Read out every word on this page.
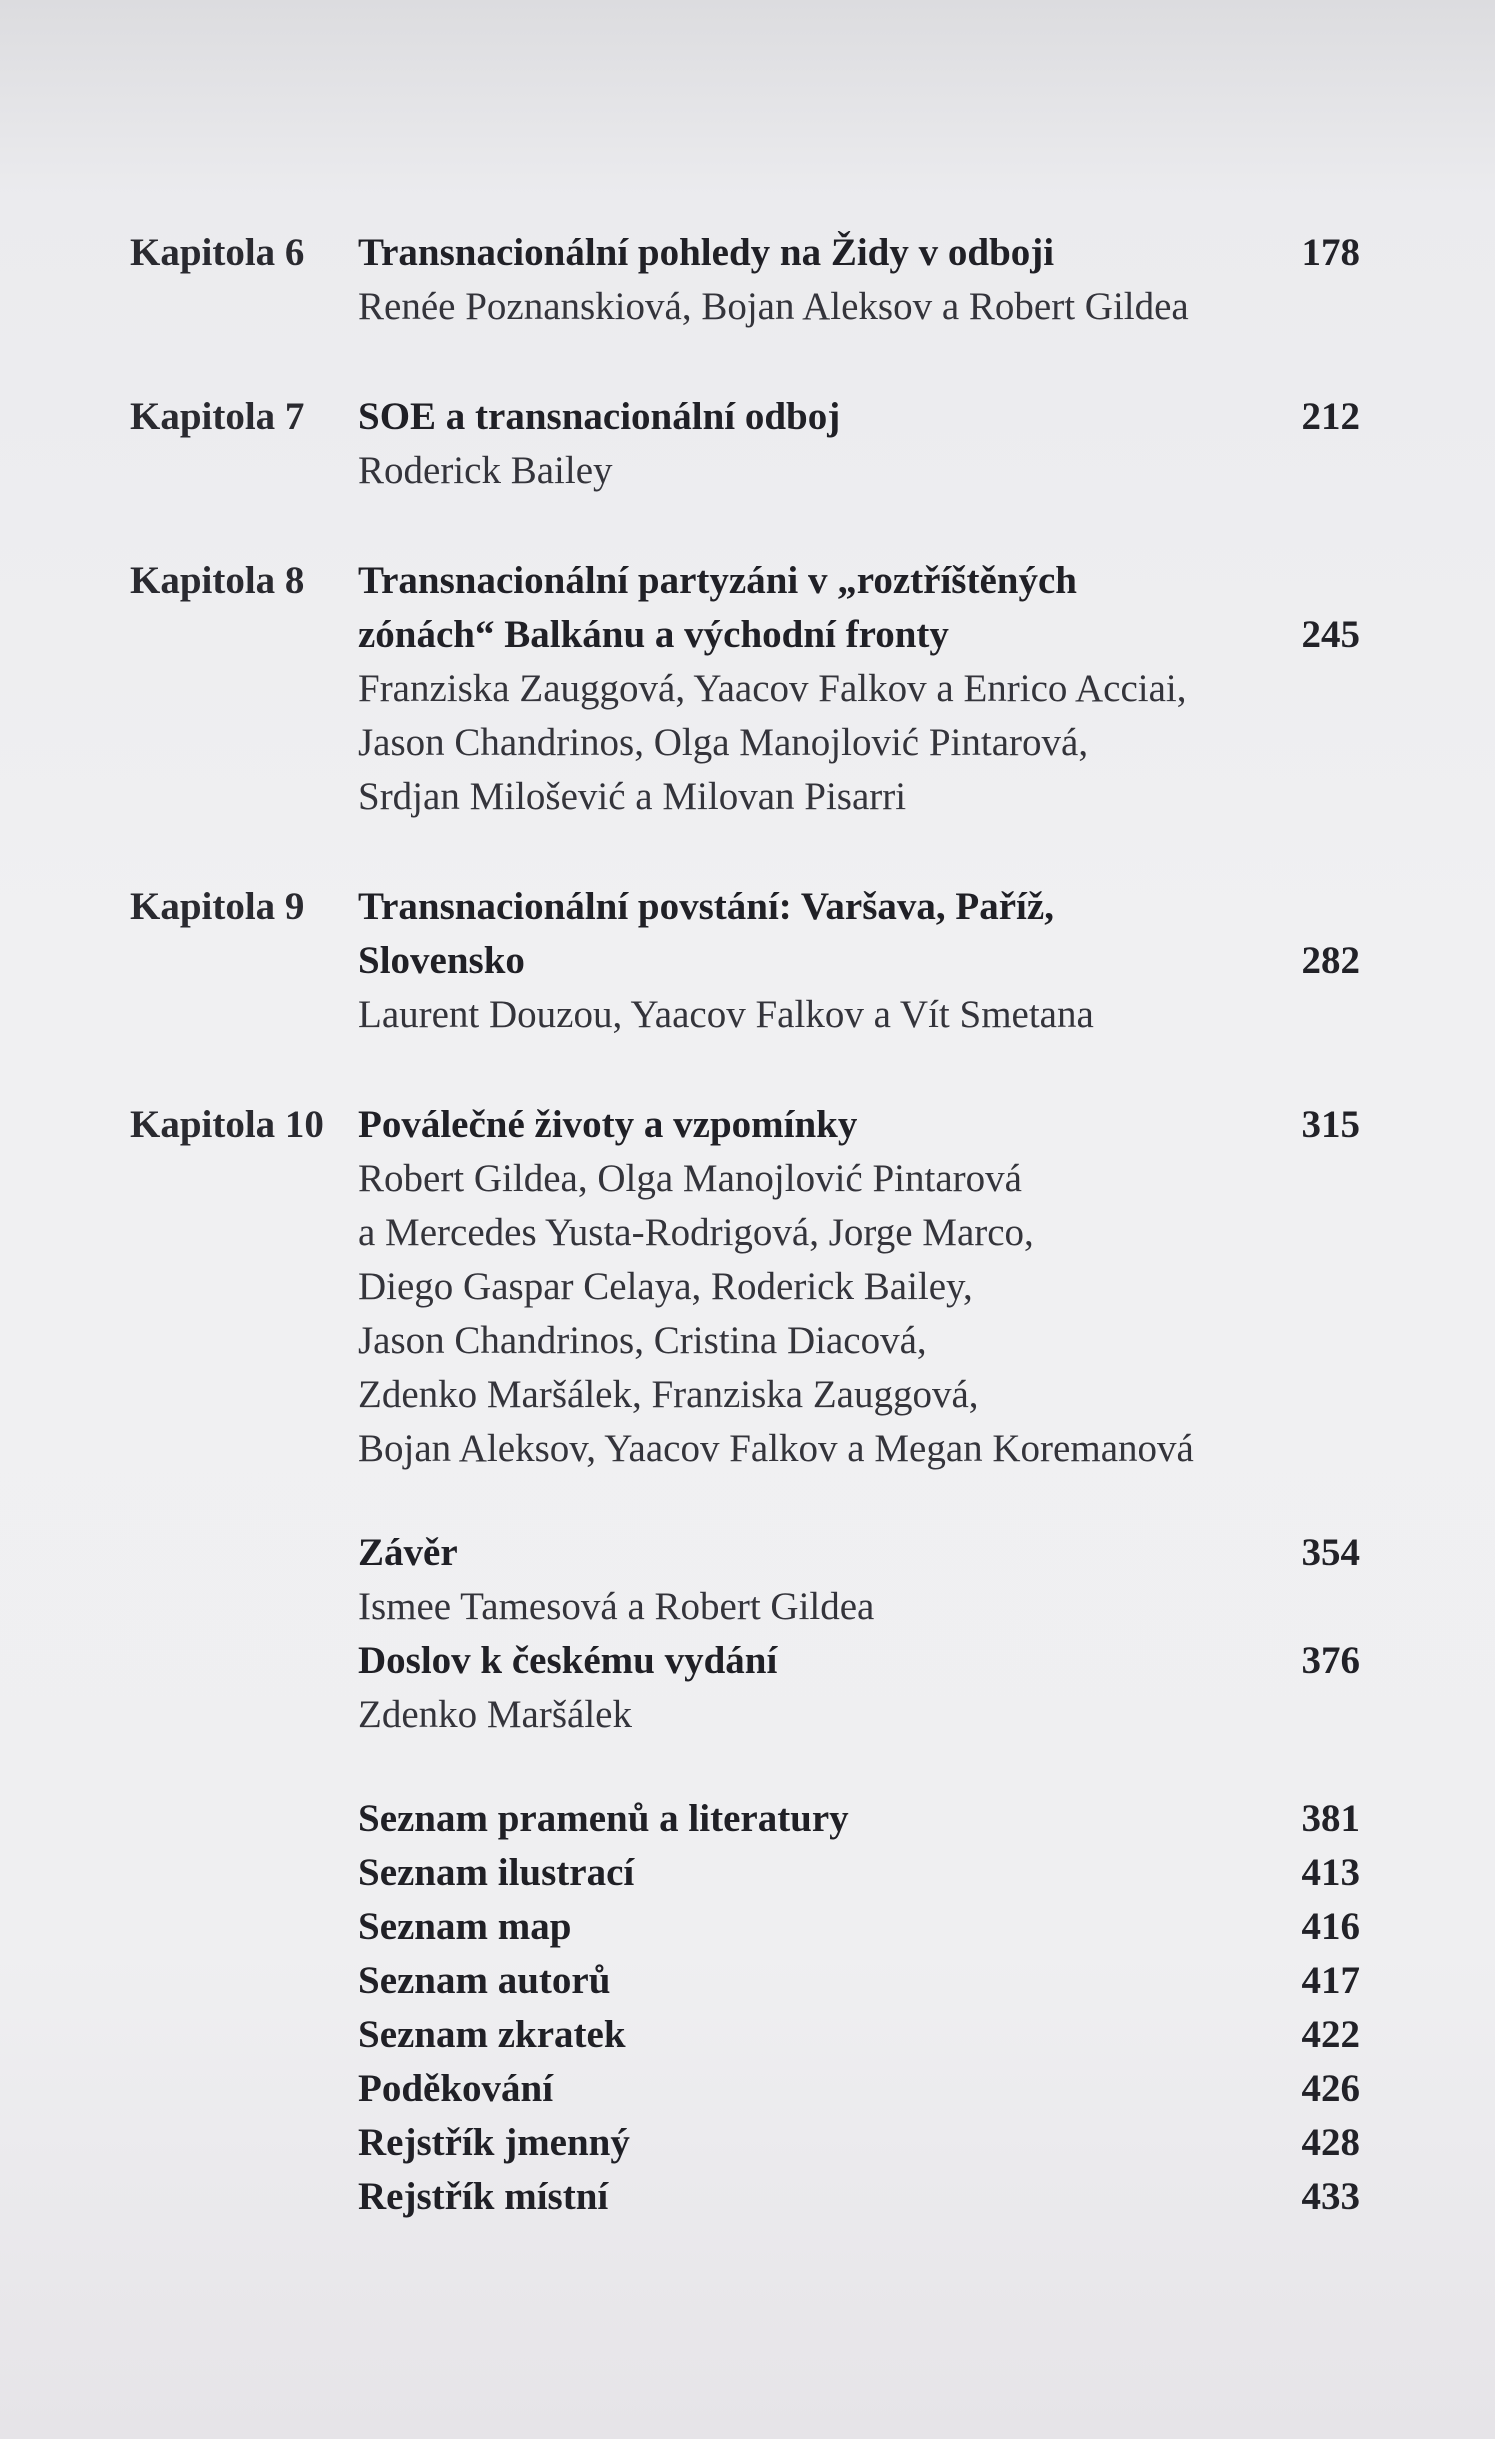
Kapitola 6 Transnacionální pohledy na Židy v odboji	178
Renée Poznanskiová, Bojan Aleksov a Robert Gildea
Kapitola 7 SOE a transnacionální odboj	212
Roderick Bailey
Kapitola 8 Transnacionální partyzáni v „roztříštěných
zónách“ Balkánu a východní fronty	245
Franziska Zauggová, Yaacov Falkov a Enrico Acciai,
Jason Chandrinos, Olga Manojlović Pintarová,
Srdjan Milošević a Milovan Pisarri
Kapitola 9 Transnacionální povstání: Varšava, Paříž,
Slovensko	282
Laurent Douzou, Yaacov Falkov a Vít Smetana
Kapitola 10 Poválečné životy a vzpomínky	315
Robert Gildea, Olga Manojlović Pintarová
a Mercedes Yusta-Rodrigová, Jorge Marco,
Diego Gaspar Celaya, Roderick Bailey,
Jason Chandrinos, Cristina Diacová,
Zdenko Maršálek, Franziska Zauggová,
Bojan Aleksov, Yaacov Falkov a Megan Koremanová
Závěr	354
Ismee Tamesová a Robert Gildea
Doslov k českému vydání	376
Zdenko Maršálek
Seznam pramenů a literatury	381
Seznam ilustrací	413
Seznam map	416
Seznam autorů	417
Seznam zkratek	422
Poděkování	426
Rejstřík jmenný	428
Rejstřík místní	433
